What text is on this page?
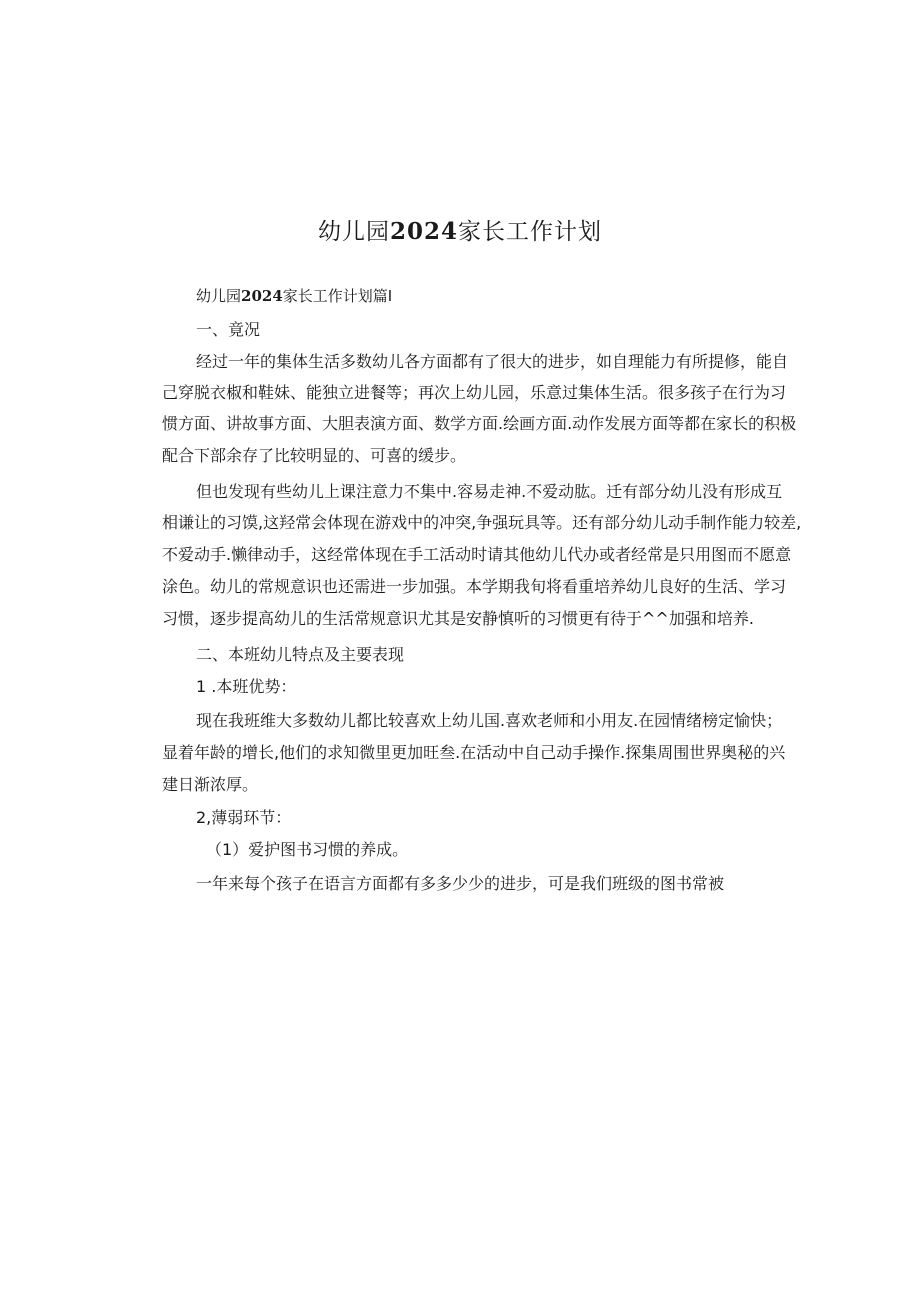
幼儿园2024家长工作计划
幼儿园2024家长工作计划篇I
一、竟况
经过一年的集体生活多数幼儿各方面都有了很大的进步，如自理能力有所提修，能自
己穿脱衣椒和鞋妹、能独立进餐等；再次上幼儿园，乐意过集体生活。很多孩子在行为习
惯方面、讲故事方面、大胆表演方面、数学方面.绘画方面.动作发展方面等都在家长的积极
配合下部余存了比较明显的、可喜的缓步。
但也发现有些幼儿上课注意力不集中.容易走神.不爱动肱。迁有部分幼儿没有形成互
相谦让的习馍,这羟常会体现在游戏中的冲突,争强玩具等。还有部分幼儿动手制作能力较差,
不爱动手.懒律动手，这经常体现在手工活动时请其他幼儿代办或者经常是只用图而不愿意
涂色。幼儿的常规意识也还需进一步加强。本学期我旬将看重培养幼儿良好的生活、学习
习惯，逐步提高幼儿的生活常规意识尤其是安静慎听的习惯更有待于^^加强和培养.
二、本班幼儿特点及主要表现
1 .本班优势：
现在我班维大多数幼儿都比较喜欢上幼儿国.喜欢老师和小用友.在园情绪榜定愉快；
显着年龄的增长,他们的求知微里更加旺叁.在活动中自己动手操作.探集周围世界奥秘的兴
建日渐浓厚。
2,薄弱环节：
（1）爱护图书习惯的养成。
一年来每个孩子在语言方面都有多多少少的进步，可是我们班级的图书常被
